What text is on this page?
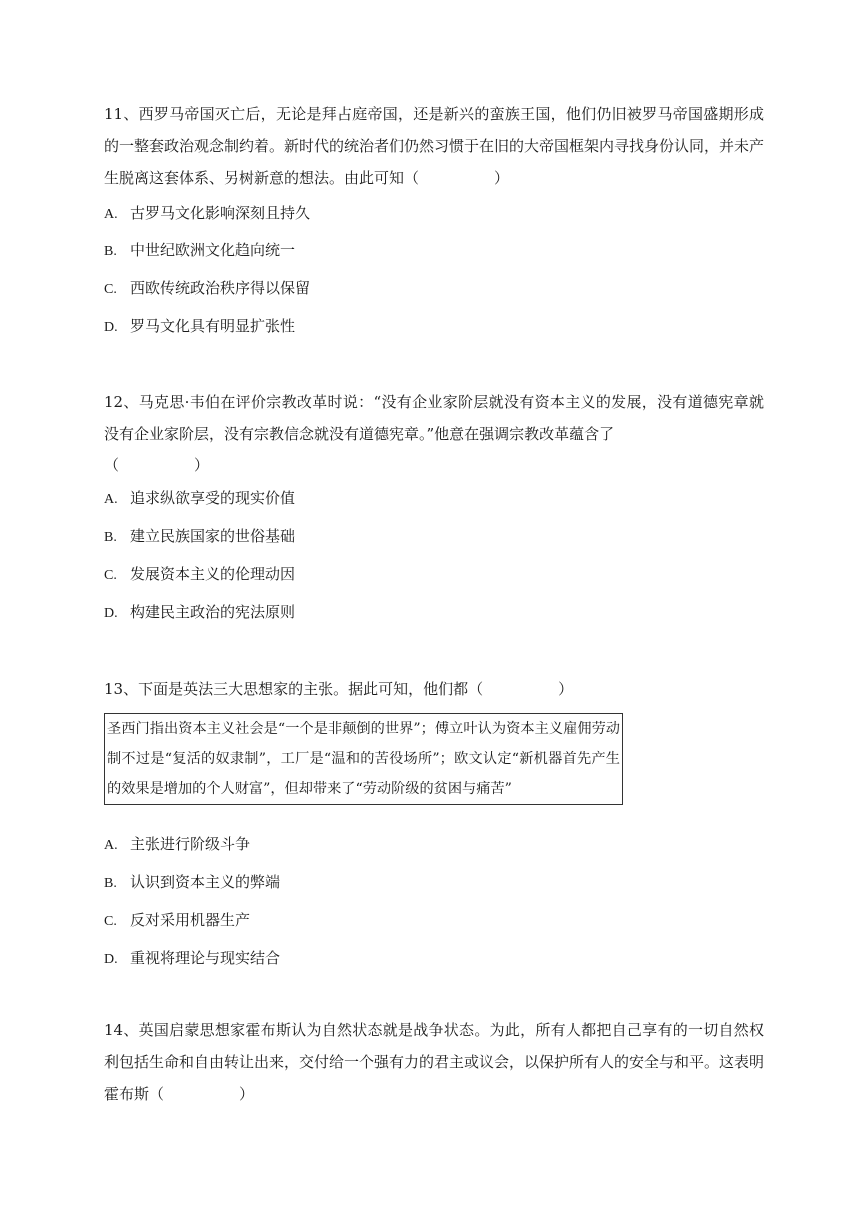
11、西罗马帝国灭亡后，无论是拜占庭帝国，还是新兴的蛮族王国，他们仍旧被罗马帝国盛期形成的一整套政治观念制约着。新时代的统治者们仍然习惯于在旧的大帝国框架内寻找身份认同，并未产生脱离这套体系、另树新意的想法。由此可知（　　　　　）

A. 古罗马文化影响深刻且持久
B. 中世纪欧洲文化趋向统一
C. 西欧传统政治秩序得以保留
D. 罗马文化具有明显扩张性

12、马克思·韦伯在评价宗教改革时说：“没有企业家阶层就没有资本主义的发展，没有道德宪章就没有企业家阶层，没有宗教信念就没有道德宪章。”他意在强调宗教改革蕴含了

（　　　　　）

A. 追求纵欲享受的现实价值
B. 建立民族国家的世俗基础
C. 发展资本主义的伦理动因
D. 构建民主政治的宪法原则

13、下面是英法三大思想家的主张。据此可知，他们都（　　　　　）

圣西门指出资本主义社会是“一个是非颠倒的世界”；傅立叶认为资本主义雇佣劳动制不过是“复活的奴隶制”，工厂是“温和的苦役场所”；欧文认定“新机器首先产生的效果是增加的个人财富”，但却带来了“劳动阶级的贫困与痛苦”
A. 主张进行阶级斗争
B. 认识到资本主义的弊端
C. 反对采用机器生产
D. 重视将理论与现实结合

14、英国启蒙思想家霍布斯认为自然状态就是战争状态。为此，所有人都把自己享有的一切自然权利包括生命和自由转让出来，交付给一个强有力的君主或议会，以保护所有人的安全与和平。这表明霍布斯（　　　　　）
